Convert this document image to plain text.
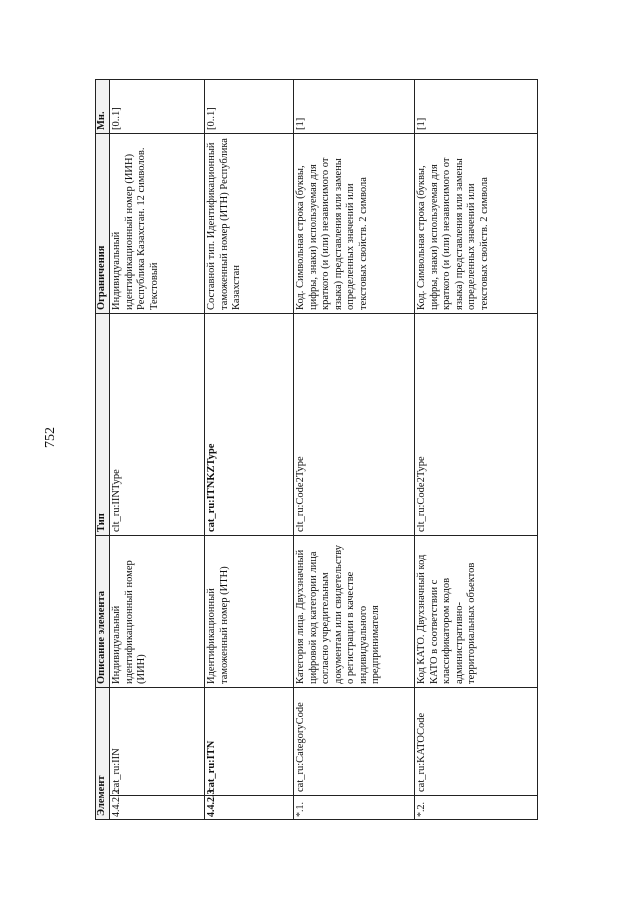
752
Элемент		Описание элемента	Тип	Ограничения	Мн.
4.4.2.2	cat_ru:IIN	Индивидуальный идентификационный номер (ИИН)	clt_ru:IINType	Индивидуальный идентификационный номер (ИИН) Республика Казахстан. 12 символов. Текстовый	[0..1]
4.4.2.3	cat_ru:ITN	Идентификационный таможенный номер (ИТН)	cat_ru:ITNKZType	Составной тип. Идентификационный таможенный номер (ИТН) Республика Казахстан	[0..1]
*.1.	cat_ru:CategoryCode	Категория лица. Двухзначный цифровой код категории лица согласно учредительным документам или свидетельству о регистрации в качестве индивидуального предпринимателя	clt_ru:Code2Type	Код. Символьная строка (буквы, цифры, знаки) используемая для краткого (и (или) независимого от языка) представления или замены определенных значений или текстовых свойств. 2 символа	[1]
*.2.	cat_ru:KATOCode	Код КАТО. Двухзначный код КАТО в соответствии с классификатором кодов административно-территориальных объектов	clt_ru:Code2Type	Код. Символьная строка (буквы, цифры, знаки) используемая для краткого (и (или) независимого от языка) представления или замены определенных значений или текстовых свойств. 2 символа	[1]
